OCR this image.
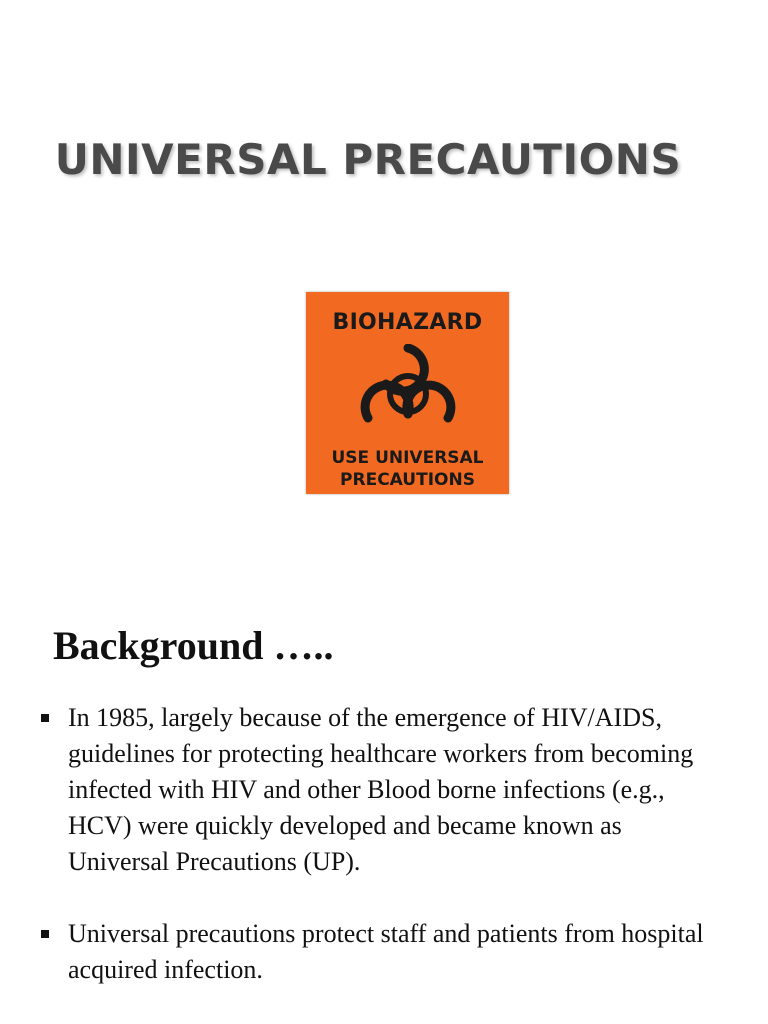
UNIVERSAL PRECAUTIONS
BIOHAZARD
USE UNIVERSAL
PRECAUTIONS
Background …..
In 1985, largely because of the emergence of HIV/AIDS, guidelines for protecting healthcare workers from becoming infected with HIV and other Blood borne infections (e.g., HCV) were quickly developed and became known as Universal Precautions (UP).
Universal precautions protect staff and patients from hospital acquired infection.
